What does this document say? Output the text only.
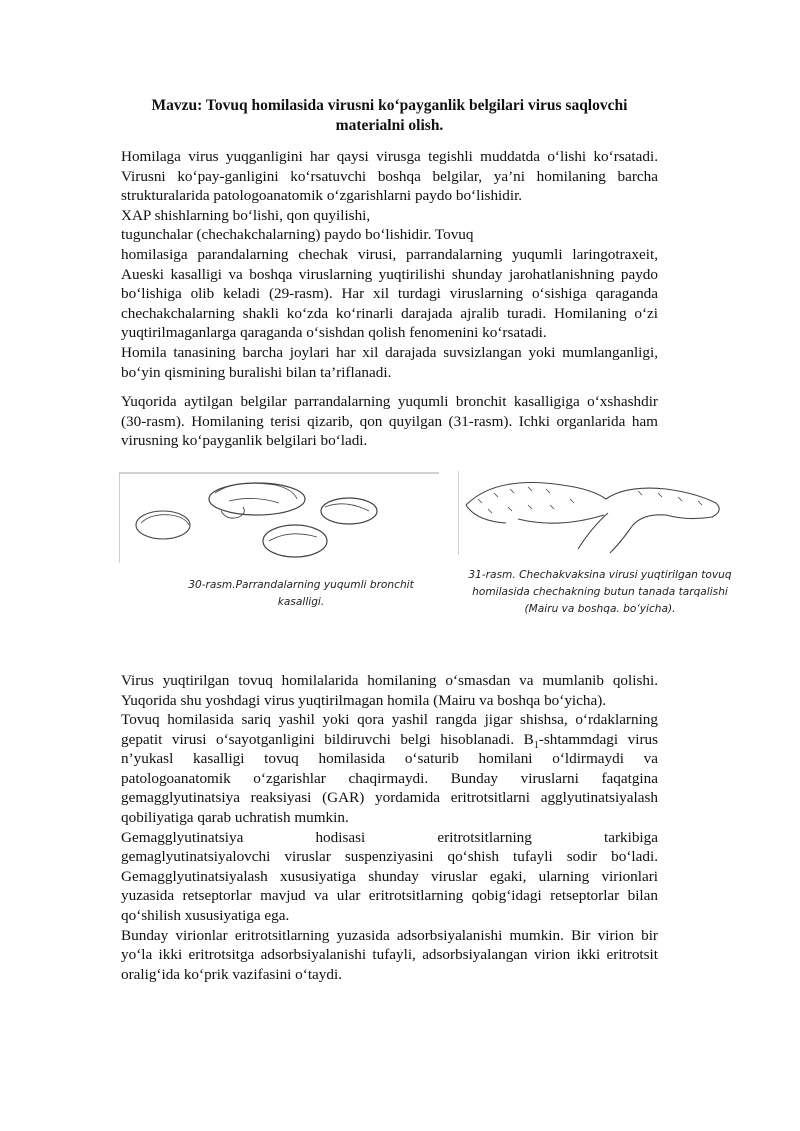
Mavzu: Tovuq homilasida virusni ko‘payganlik belgilari virus saqlovchi materialni olish.

Homilaga virus yuqganligini har qaysi virusga tegishli muddatda o‘lishi ko‘rsatadi. Virusni ko‘pay-ganligini ko‘rsatuvchi boshqa belgilar, ya’ni homilaning barcha strukturalarida patologoanatomik o‘zgarishlarni paydo bo‘lishidir.

XAP shishlarning bo‘lishi, qon quyilishi,
tugunchalar (chechakchalarning) paydo bo‘lishidir. Tovuq
homilasiga parandalarning chechak virusi, parrandalarning yuqumli laringotraxeit, Aueski kasalligi va boshqa viruslarning yuqtirilishi shunday jarohatlanishning paydo bo‘lishiga olib keladi (29-rasm). Har xil turdagi viruslarning o‘sishiga qaraganda chechakchalarning shakli ko‘zda ko‘rinarli darajada ajralib turadi. Homilaning o‘zi yuqtirilmaganlarga qaraganda o‘sishdan qolish fenomenini ko‘rsatadi.

Homila tanasining barcha joylari har xil darajada suvsizlangan yoki mumlanganligi, bo‘yin qismining buralishi bilan ta’riflanadi.

Yuqorida aytilgan belgilar parrandalarning yuqumli bronchit kasalligiga o‘xshashdir (30-rasm). Homilaning terisi qizarib, qon quyilgan (31-rasm). Ichki organlarida ham virusning ko‘payganlik belgilari bo‘ladi.

30-rasm.Parrandalarning yuqumli bronchit
kasalligi.
31-rasm. Chechakvaksina virusi yuqtirilgan tovuq
homilasida chechakning butun tanada tarqalishi
(Mairu va boshqa. bo‘yicha).

Virus yuqtirilgan tovuq homilalarida homilaning o‘smasdan va mumlanib qolishi. Yuqorida shu yoshdagi virus yuqtirilmagan homila (Mairu va boshqa bo‘yicha).

Tovuq homilasida sariq yashil yoki qora yashil rangda jigar shishsa, o‘rdaklarning gepatit virusi o‘sayotganligini bildiruvchi belgi hisoblanadi. $B_1$-shtammdagi virus n’yukasl kasalligi tovuq homilasida o‘saturib homilani o‘ldirmaydi va patologoanatomik o‘zgarishlar chaqirmaydi. Bunday viruslarni faqatgina gemagglyutinatsiya reaksiyasi (GAR) yordamida eritrotsitlarni agglyutinatsiyalash qobiliyatiga qarab uchratish mumkin.

Gemagglyutinatsiya hodisasi eritrotsitlarning tarkibiga
gemaglyutinatsiyalovchi viruslar suspenziyasini qo‘shish tufayli sodir bo‘ladi. Gemagglyutinatsiyalash xususiyatiga shunday viruslar egaki, ularning virionlari yuzasida retseptorlar mavjud va ular eritrotsitlarning qobig‘idagi retseptorlar bilan qo‘shilish xususiyatiga ega.

Bunday virionlar eritrotsitlarning yuzasida adsorbsiyalanishi mumkin. Bir virion bir yo‘la ikki eritrotsitga adsorbsiyalanishi tufayli, adsorbsiyalangan virion ikki eritrotsit oralig‘ida ko‘prik vazifasini o‘taydi.
